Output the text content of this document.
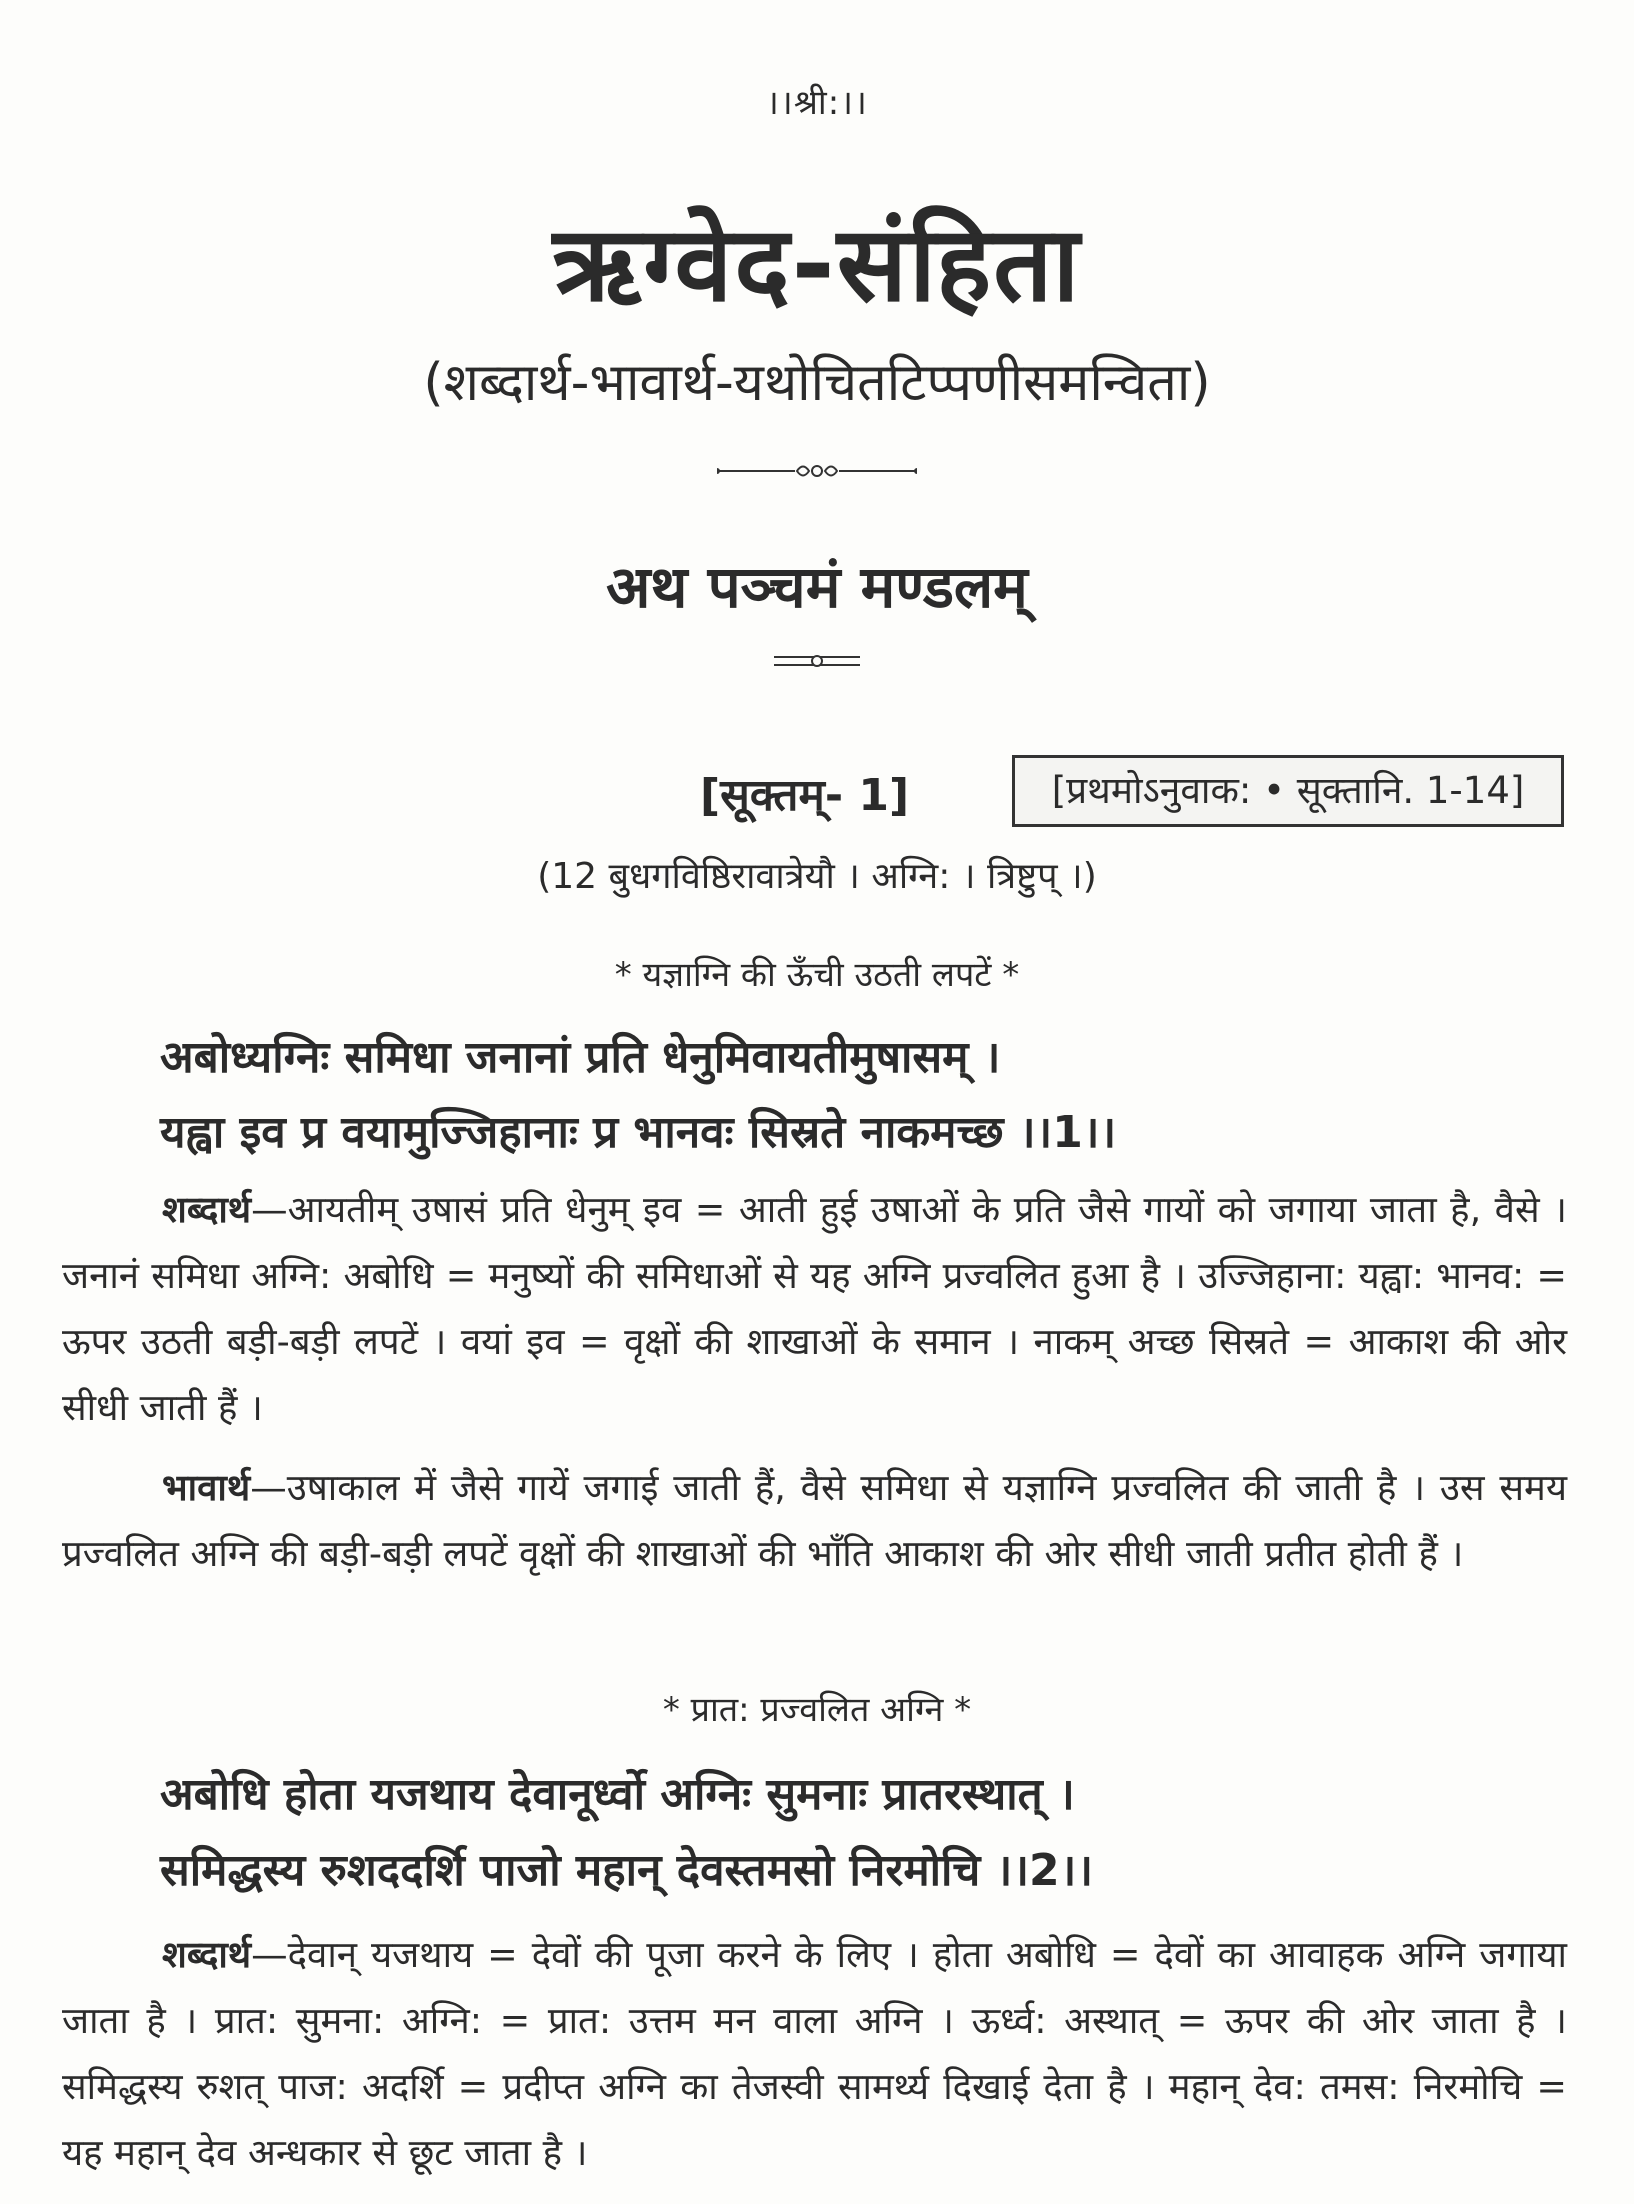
।।श्री:।।
ऋग्वेद-संहिता
(शब्दार्थ-भावार्थ-यथोचितटिप्पणीसमन्विता)
अथ पञ्चमं मण्डलम्
[सूक्तम्- 1]	[प्रथमोऽनुवाक: • सूक्तानि. 1-14]
(12 बुधगविष्ठिरावात्रेयौ । अग्नि: । त्रिष्टुप् ।)
* यज्ञाग्नि की ऊँची उठती लपटें *
अबोध्यग्निः समिधा जनानां प्रति धेनुमिवायतीमुषासम् ।
यह्वा इव प्र वयामुज्जिहानाः प्र भानवः सिस्रते नाकमच्छ ।।1।।
शब्दार्थ—आयतीम् उषासं प्रति धेनुम् इव = आती हुई उषाओं के प्रति जैसे गायों को जगाया जाता है, वैसे । जनानं समिधा अग्नि: अबोधि = मनुष्यों की समिधाओं से यह अग्नि प्रज्वलित हुआ है । उज्जिहाना: यह्वा: भानव: = ऊपर उठती बड़ी-बड़ी लपटें । वयां इव = वृक्षों की शाखाओं के समान । नाकम् अच्छ सिस्रते = आकाश की ओर सीधी जाती हैं ।
भावार्थ—उषाकाल में जैसे गायें जगाई जाती हैं, वैसे समिधा से यज्ञाग्नि प्रज्वलित की जाती है । उस समय प्रज्वलित अग्नि की बड़ी-बड़ी लपटें वृक्षों की शाखाओं की भाँति आकाश की ओर सीधी जाती प्रतीत होती हैं ।
* प्रात: प्रज्वलित अग्नि *
अबोधि होता यजथाय देवानूर्ध्वो अग्निः सुमनाः प्रातरस्थात् ।
समिद्धस्य रुशददर्शि पाजो महान् देवस्तमसो निरमोचि ।।2।।
शब्दार्थ—देवान् यजथाय = देवों की पूजा करने के लिए । होता अबोधि = देवों का आवाहक अग्नि जगाया जाता है । प्रात: सुमना: अग्नि: = प्रात: उत्तम मन वाला अग्नि । ऊर्ध्व: अस्थात् = ऊपर की ओर जाता है । समिद्धस्य रुशत् पाज: अदर्शि = प्रदीप्त अग्नि का तेजस्वी सामर्थ्य दिखाई देता है । महान् देव: तमस: निरमोचि = यह महान् देव अन्धकार से छूट जाता है ।
